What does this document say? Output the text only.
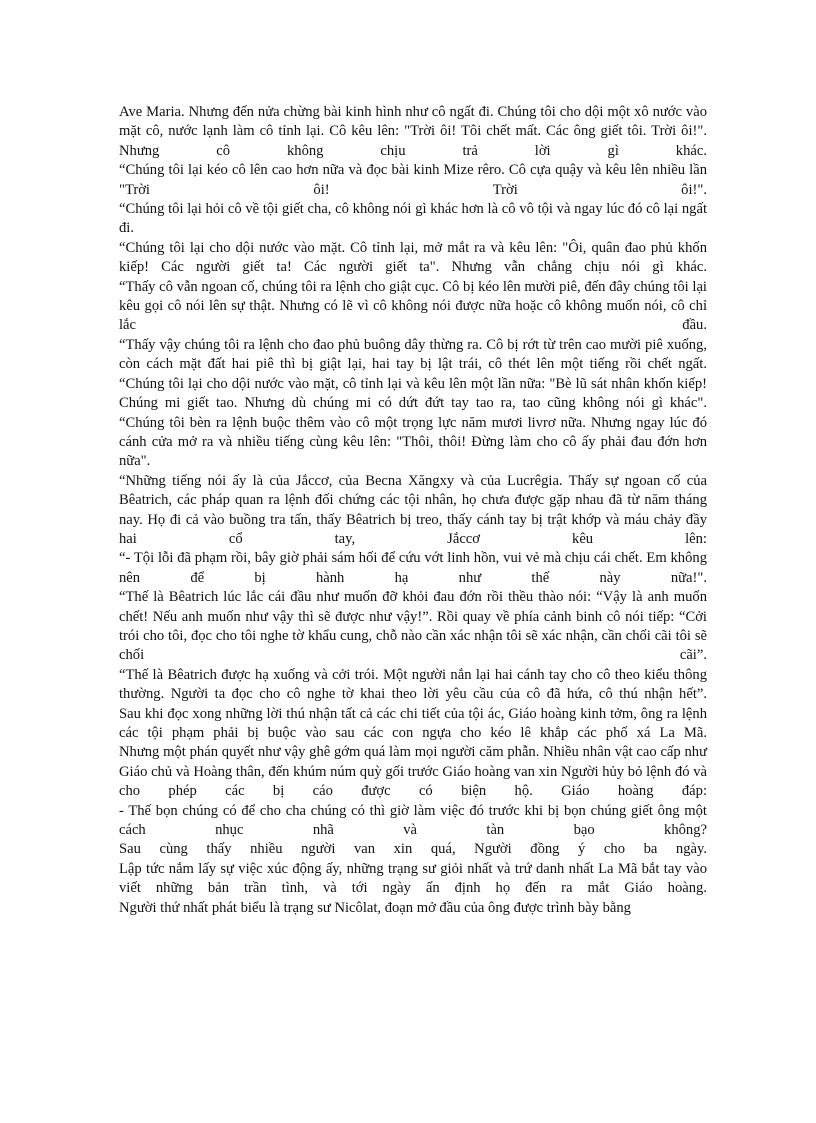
Ave Maria. Nhưng đến nửa chừng bài kinh hình như cô ngất đi. Chúng tôi cho dội một xô nước vào mặt cô, nước lạnh làm cô tỉnh lại. Cô kêu lên: "Trời ôi! Tôi chết mất. Các ông giết tôi. Trời ôi!". Nhưng cô không chịu trả lời gì khác.

“Chúng tôi lại kéo cô lên cao hơn nữa và đọc bài kinh Mize rêro. Cô cựa quậy và kêu lên nhiều lần "Trời ôi! Trời ôi!".

“Chúng tôi lại hỏi cô về tội giết cha, cô không nói gì khác hơn là cô vô tội và ngay lúc đó cô lại ngất đi.

“Chúng tôi lại cho dội nước vào mặt. Cô tỉnh lại, mở mắt ra và kêu lên: "Ôi, quân đao phủ khốn kiếp! Các người giết ta! Các người giết ta". Nhưng vẫn chẳng chịu nói gì khác.

“Thấy cô vẫn ngoan cố, chúng tôi ra lệnh cho giật cục. Cô bị kéo lên mười piê, đến đây chúng tôi lại kêu gọi cô nói lên sự thật. Nhưng có lẽ vì cô không nói được nữa hoặc cô không muốn nói, cô chỉ lắc đầu.

“Thấy vậy chúng tôi ra lệnh cho đao phủ buông dây thừng ra. Cô bị rớt từ trên cao mười piê xuống, còn cách mặt đất hai piê thì bị giật lại, hai tay bị lật trái, cô thét lên một tiếng rồi chết ngất.

“Chúng tôi lại cho dội nước vào mặt, cô tỉnh lại và kêu lên một lần nữa: "Bè lũ sát nhân khốn kiếp! Chúng mi giết tao. Nhưng dù chúng mi có dứt đứt tay tao ra, tao cũng không nói gì khác".

“Chúng tôi bèn ra lệnh buộc thêm vào cô một trọng lực năm mươi livrơ nữa. Nhưng ngay lúc đó cánh cửa mở ra và nhiều tiếng cùng kêu lên: "Thôi, thôi! Đừng làm cho cô ấy phải đau đớn hơn nữa".

“Những tiếng nói ấy là của Jắccơ, của Becna Xăngxy và của Lucrêgia. Thấy sự ngoan cố của Bêatrich, các pháp quan ra lệnh đối chứng các tội nhân, họ chưa được gặp nhau đã từ năm tháng nay. Họ đi cả vào buồng tra tấn, thấy Bêatrich bị treo, thấy cánh tay bị trật khớp và máu chảy đầy hai cổ tay, Jắccơ kêu lên:

“- Tội lỗi đã phạm rồi, bây giờ phải sám hối để cứu vớt linh hồn, vui vẻ mà chịu cái chết. Em không nên để bị hành hạ như thế này nữa!".

“Thế là Bêatrich lúc lắc cái đầu như muốn đỡ khỏi đau đớn rồi thều thào nói: “Vậy là anh muốn chết! Nếu anh muốn như vậy thì sẽ được như vậy!”. Rồi quay về phía cảnh binh cô nói tiếp: “Cởi trói cho tôi, đọc cho tôi nghe tờ khẩu cung, chỗ nào cần xác nhận tôi sẽ xác nhận, cần chối cãi tôi sẽ chối cãi”.

“Thế là Bêatrich được hạ xuống và cởi trói. Một người nắn lại hai cánh tay cho cô theo kiểu thông thường. Người ta đọc cho cô nghe tờ khai theo lời yêu cầu của cô đã hứa, cô thú nhận hết”.

Sau khi đọc xong những lời thú nhận tất cả các chi tiết của tội ác, Giáo hoàng kinh tởm, ông ra lệnh các tội phạm phải bị buộc vào sau các con ngựa cho kéo lê khắp các phố xá La Mã.

Nhưng một phán quyết như vậy ghê gớm quá làm mọi người căm phẫn. Nhiều nhân vật cao cấp như Giáo chủ và Hoàng thân, đến khúm núm quỳ gối trước Giáo hoàng van xin Người hủy bỏ lệnh đó và cho phép các bị cáo được có biện hộ. Giáo hoàng đáp:

- Thế bọn chúng có để cho cha chúng có thì giờ làm việc đó trước khi bị bọn chúng giết ông một cách nhục nhã và tàn bạo không?

Sau cùng thấy nhiều người van xin quá, Người đồng ý cho ba ngày.

Lập tức nắm lấy sự việc xúc động ấy, những trạng sư giỏi nhất và trứ danh nhất La Mã bắt tay vào viết những bản trần tình, và tới ngày ấn định họ đến ra mắt Giáo hoàng.

Người thứ nhất phát biểu là trạng sư Nicôlat, đoạn mở đầu của ông được trình bày bằng
